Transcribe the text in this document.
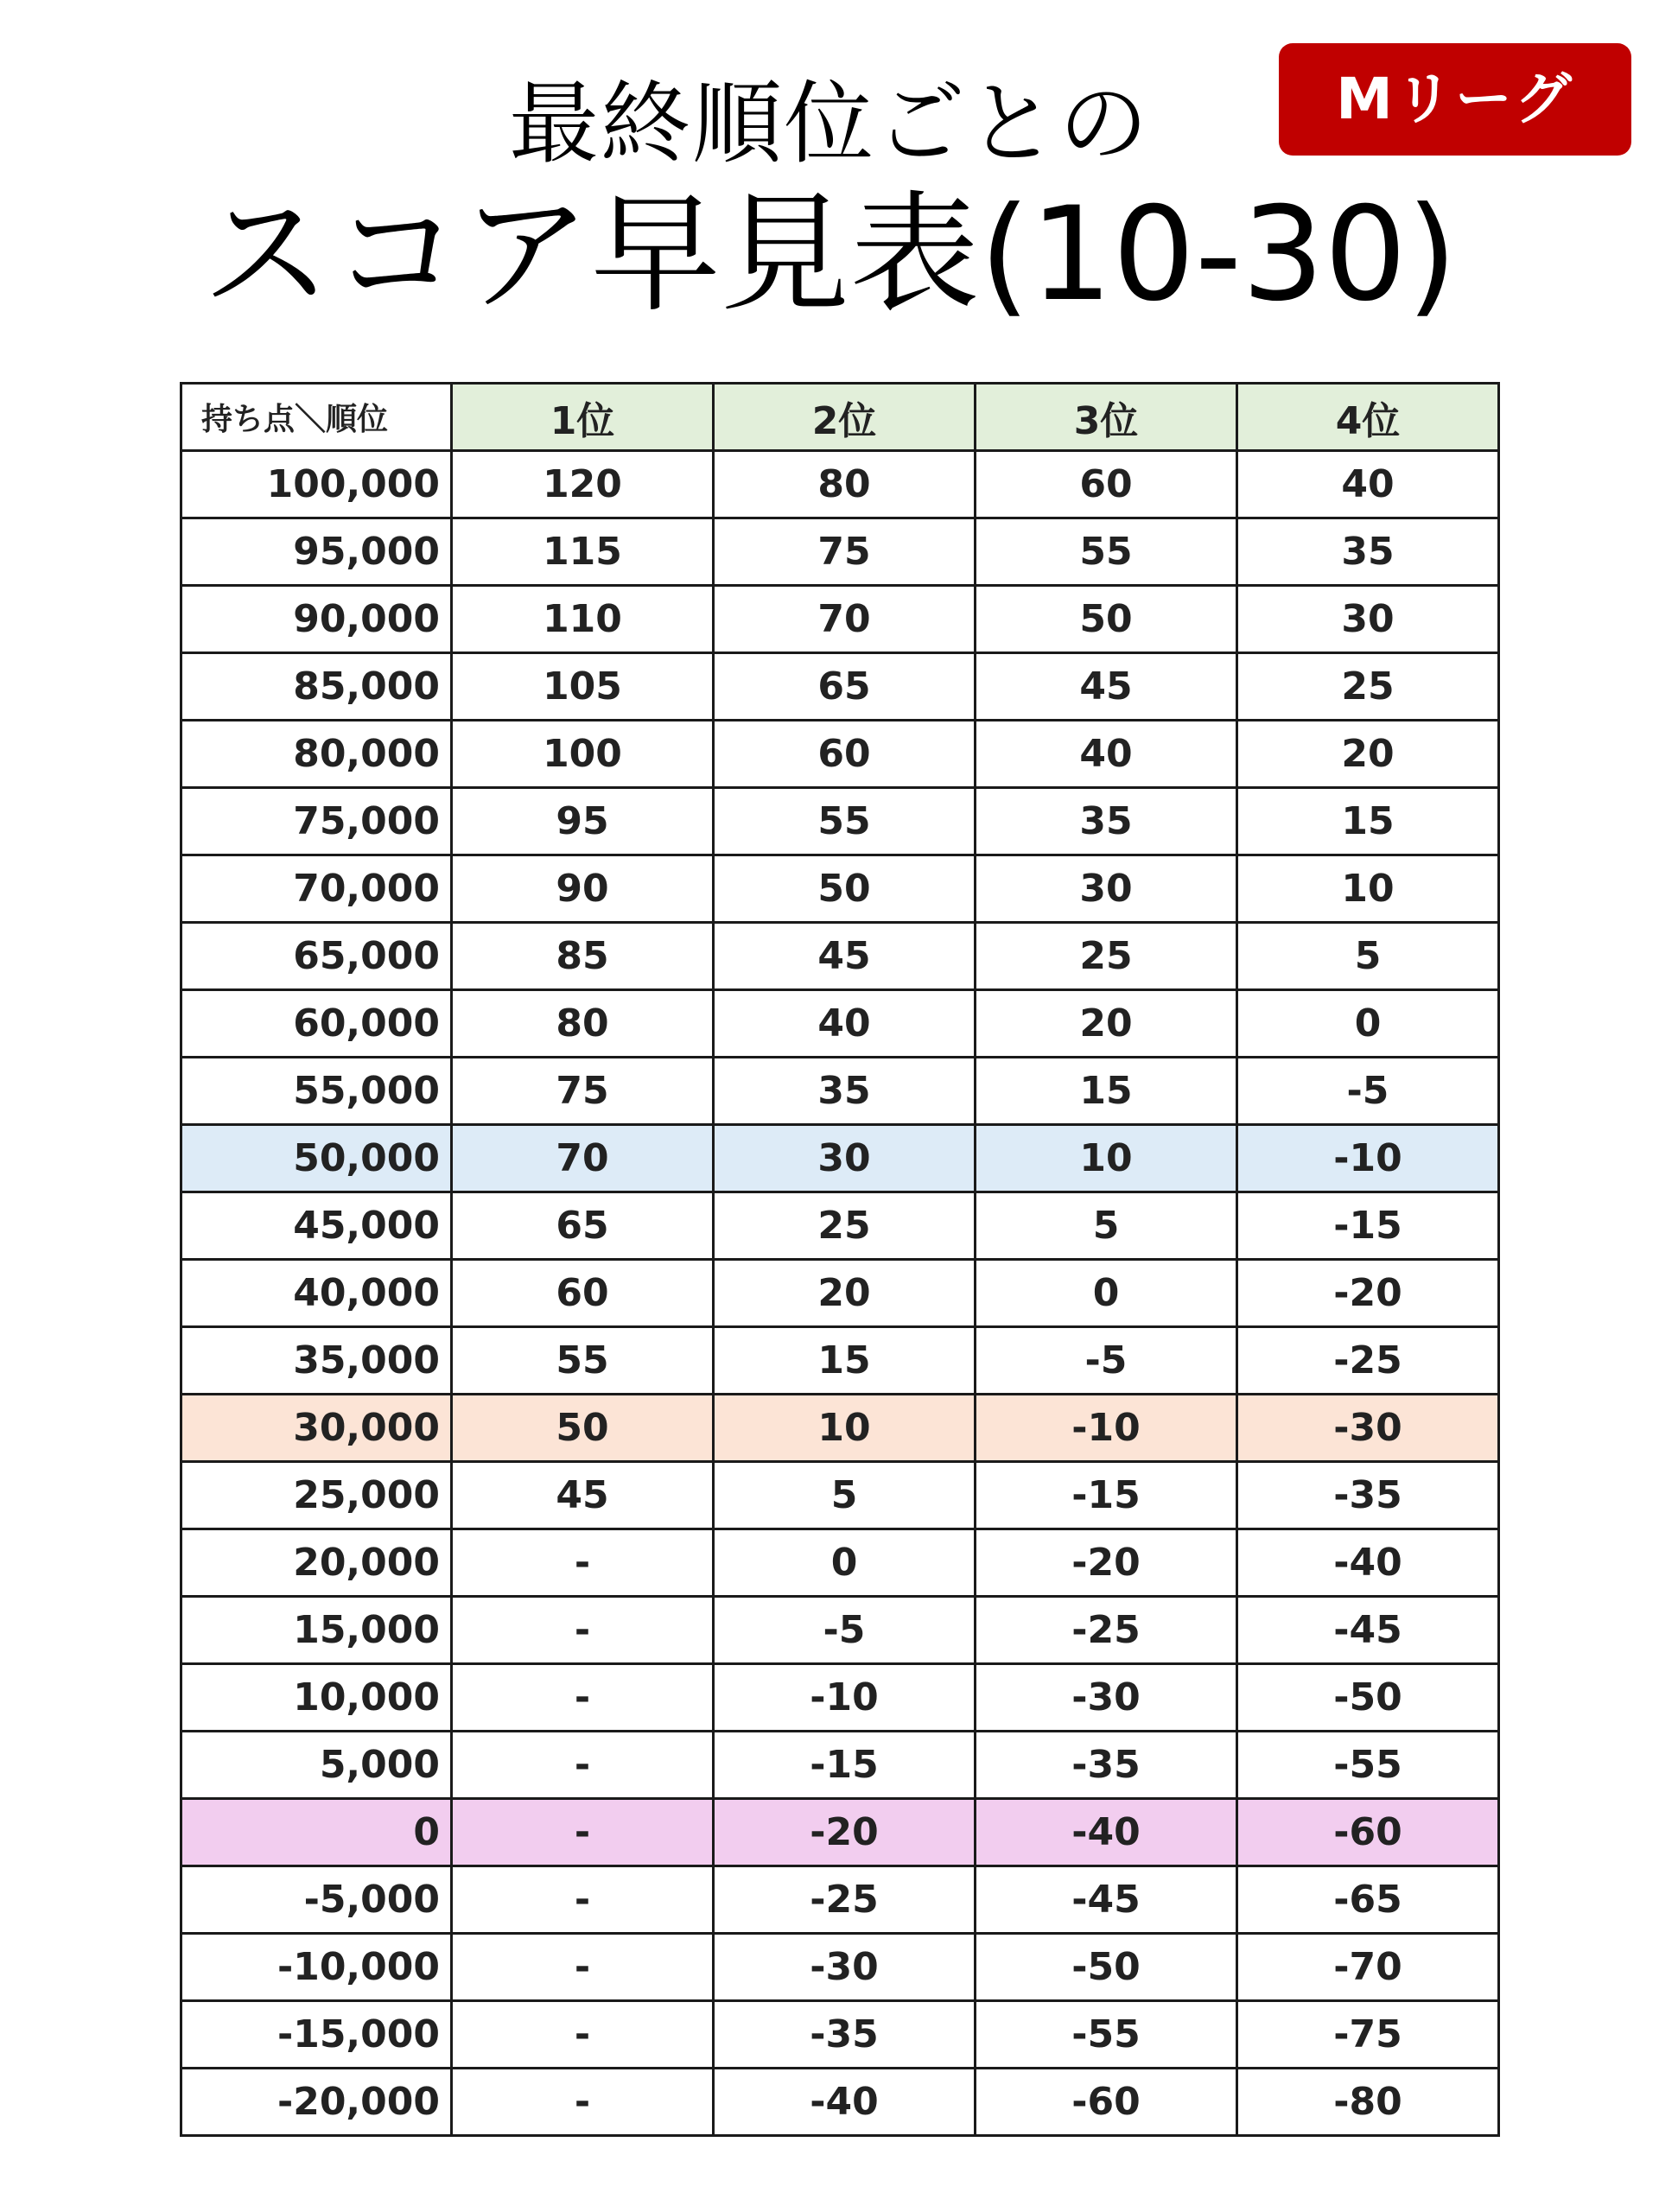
最終順位ごとの
スコア早見表(10-30)
Mリーグ
持ち点＼順位	1位	2位	3位	4位
100,000	120	80	60	40
95,000	115	75	55	35
90,000	110	70	50	30
85,000	105	65	45	25
80,000	100	60	40	20
75,000	95	55	35	15
70,000	90	50	30	10
65,000	85	45	25	5
60,000	80	40	20	0
55,000	75	35	15	-5
50,000	70	30	10	-10
45,000	65	25	5	-15
40,000	60	20	0	-20
35,000	55	15	-5	-25
30,000	50	10	-10	-30
25,000	45	5	-15	-35
20,000	-	0	-20	-40
15,000	-	-5	-25	-45
10,000	-	-10	-30	-50
5,000	-	-15	-35	-55
0	-	-20	-40	-60
-5,000	-	-25	-45	-65
-10,000	-	-30	-50	-70
-15,000	-	-35	-55	-75
-20,000	-	-40	-60	-80
